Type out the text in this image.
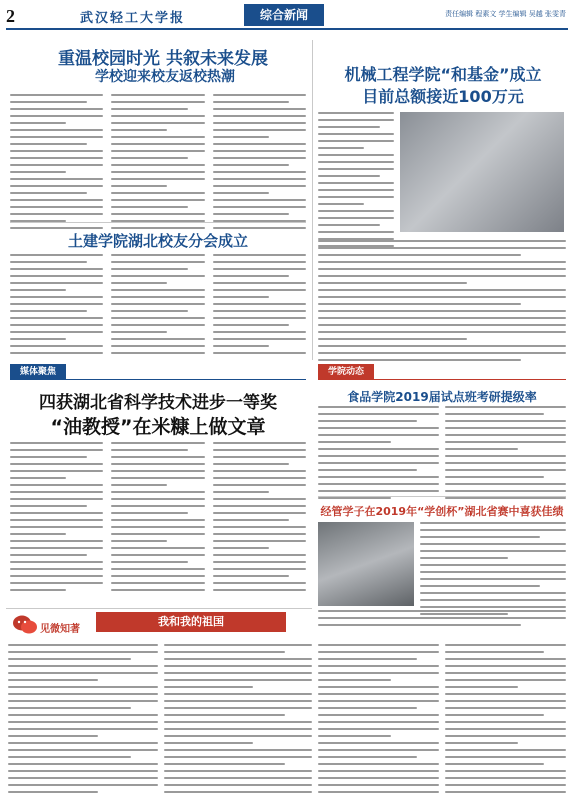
2	武汉轻工大学报	综合新闻	责任编辑 程素文 学生编辑 吴越 张雯青
重温校园时光 共叙未来发展
学校迎来校友返校热潮
土建学院湖北校友分会成立
机械工程学院“和基金”成立
目前总额接近100万元
媒体聚焦	学院动态
四获湖北省科学技术进步一等奖
“油教授”在米糠上做文章
食品学院2019届试点班考研提级率
经管学子在2019年“学创杯”湖北省赛中喜获佳绩
见微知著
我和我的祖国
